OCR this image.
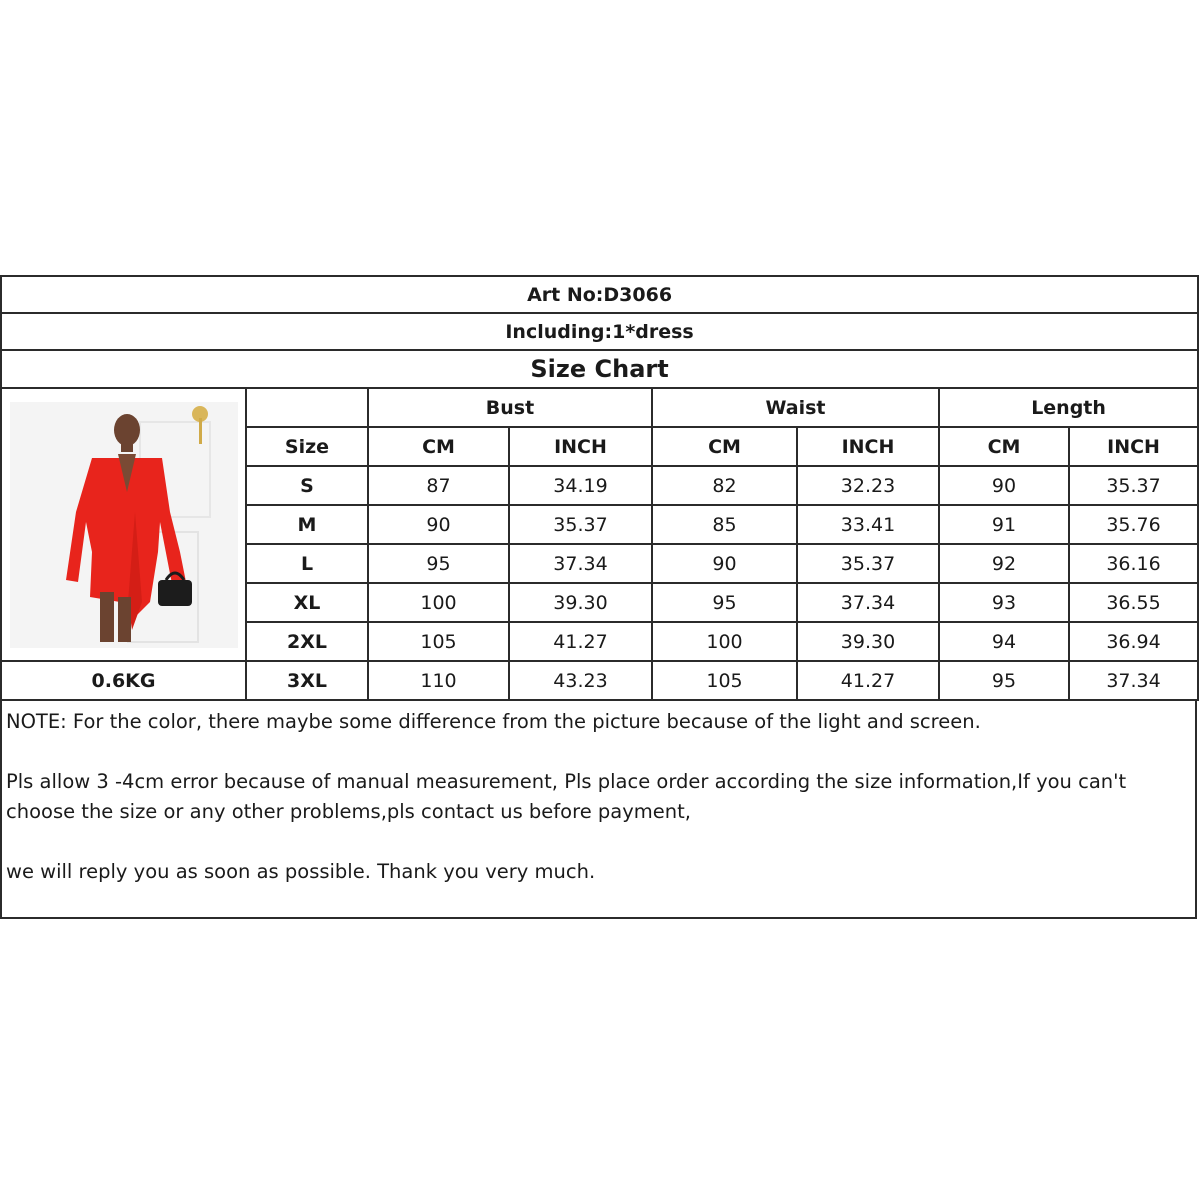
Art No:D3066							
Including:1*dress							
Size Chart							

		Bust		Waist		Length	
	Size	CM	INCH	CM	INCH	CM	INCH
	S	87	34.19	82	32.23	90	35.37
	M	90	35.37	85	33.41	91	35.76
	L	95	37.34	90	35.37	92	36.16
	XL	100	39.30	95	37.34	93	36.55
	2XL	105	41.27	100	39.30	94	36.94
0.6KG	3XL	110	43.23	105	41.27	95	37.34

NOTE: For the color, there maybe some difference from the picture because of the light and screen.

Pls allow 3 -4cm error because of manual measurement, Pls place order according the size information,If you can't

choose the size or any other problems,pls contact us before payment,

we will reply you as soon as possible. Thank you very much.
